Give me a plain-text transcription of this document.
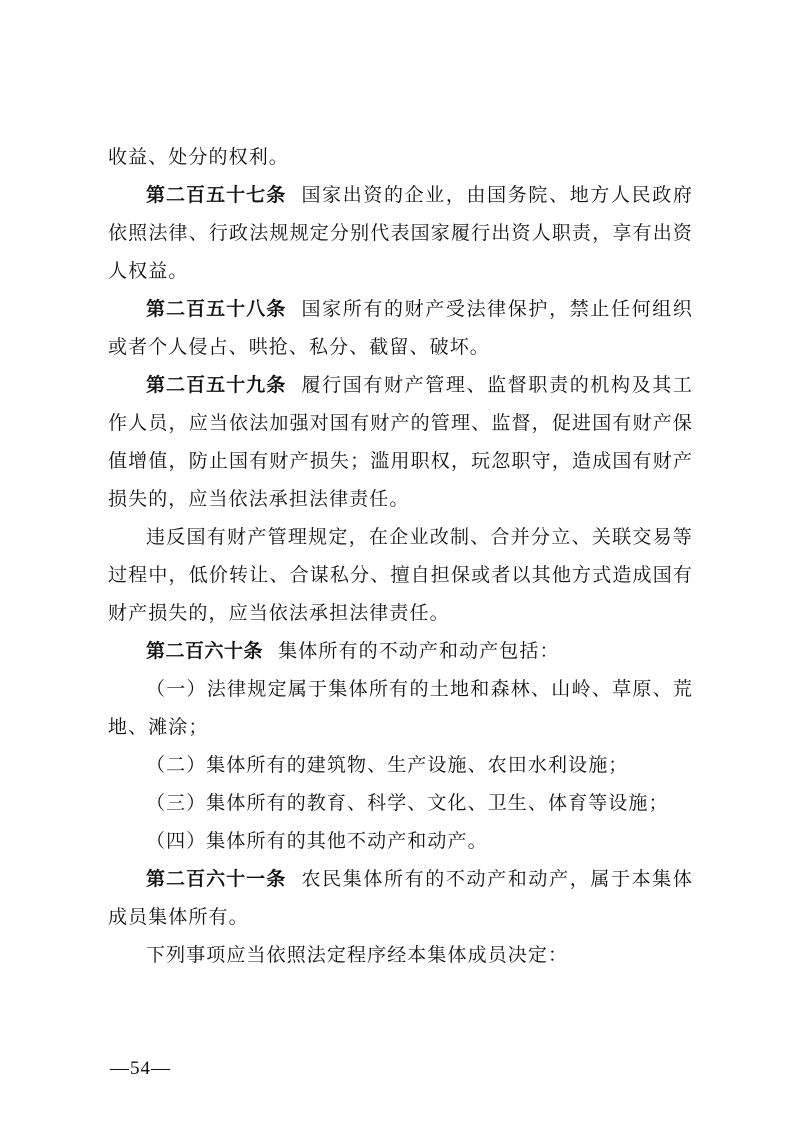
收益、处分的权利。

第二百五十七条 国家出资的企业，由国务院、地方人民政府依照法律、行政法规规定分别代表国家履行出资人职责，享有出资人权益。

第二百五十八条 国家所有的财产受法律保护，禁止任何组织或者个人侵占、哄抢、私分、截留、破坏。

第二百五十九条 履行国有财产管理、监督职责的机构及其工作人员，应当依法加强对国有财产的管理、监督，促进国有财产保值增值，防止国有财产损失；滥用职权，玩忽职守，造成国有财产损失的，应当依法承担法律责任。

违反国有财产管理规定，在企业改制、合并分立、关联交易等过程中，低价转让、合谋私分、擅自担保或者以其他方式造成国有财产损失的，应当依法承担法律责任。

第二百六十条 集体所有的不动产和动产包括：

（一）法律规定属于集体所有的土地和森林、山岭、草原、荒地、滩涂；

（二）集体所有的建筑物、生产设施、农田水利设施；

（三）集体所有的教育、科学、文化、卫生、体育等设施；

（四）集体所有的其他不动产和动产。

第二百六十一条 农民集体所有的不动产和动产，属于本集体成员集体所有。

下列事项应当依照法定程序经本集体成员决定：

—54—
